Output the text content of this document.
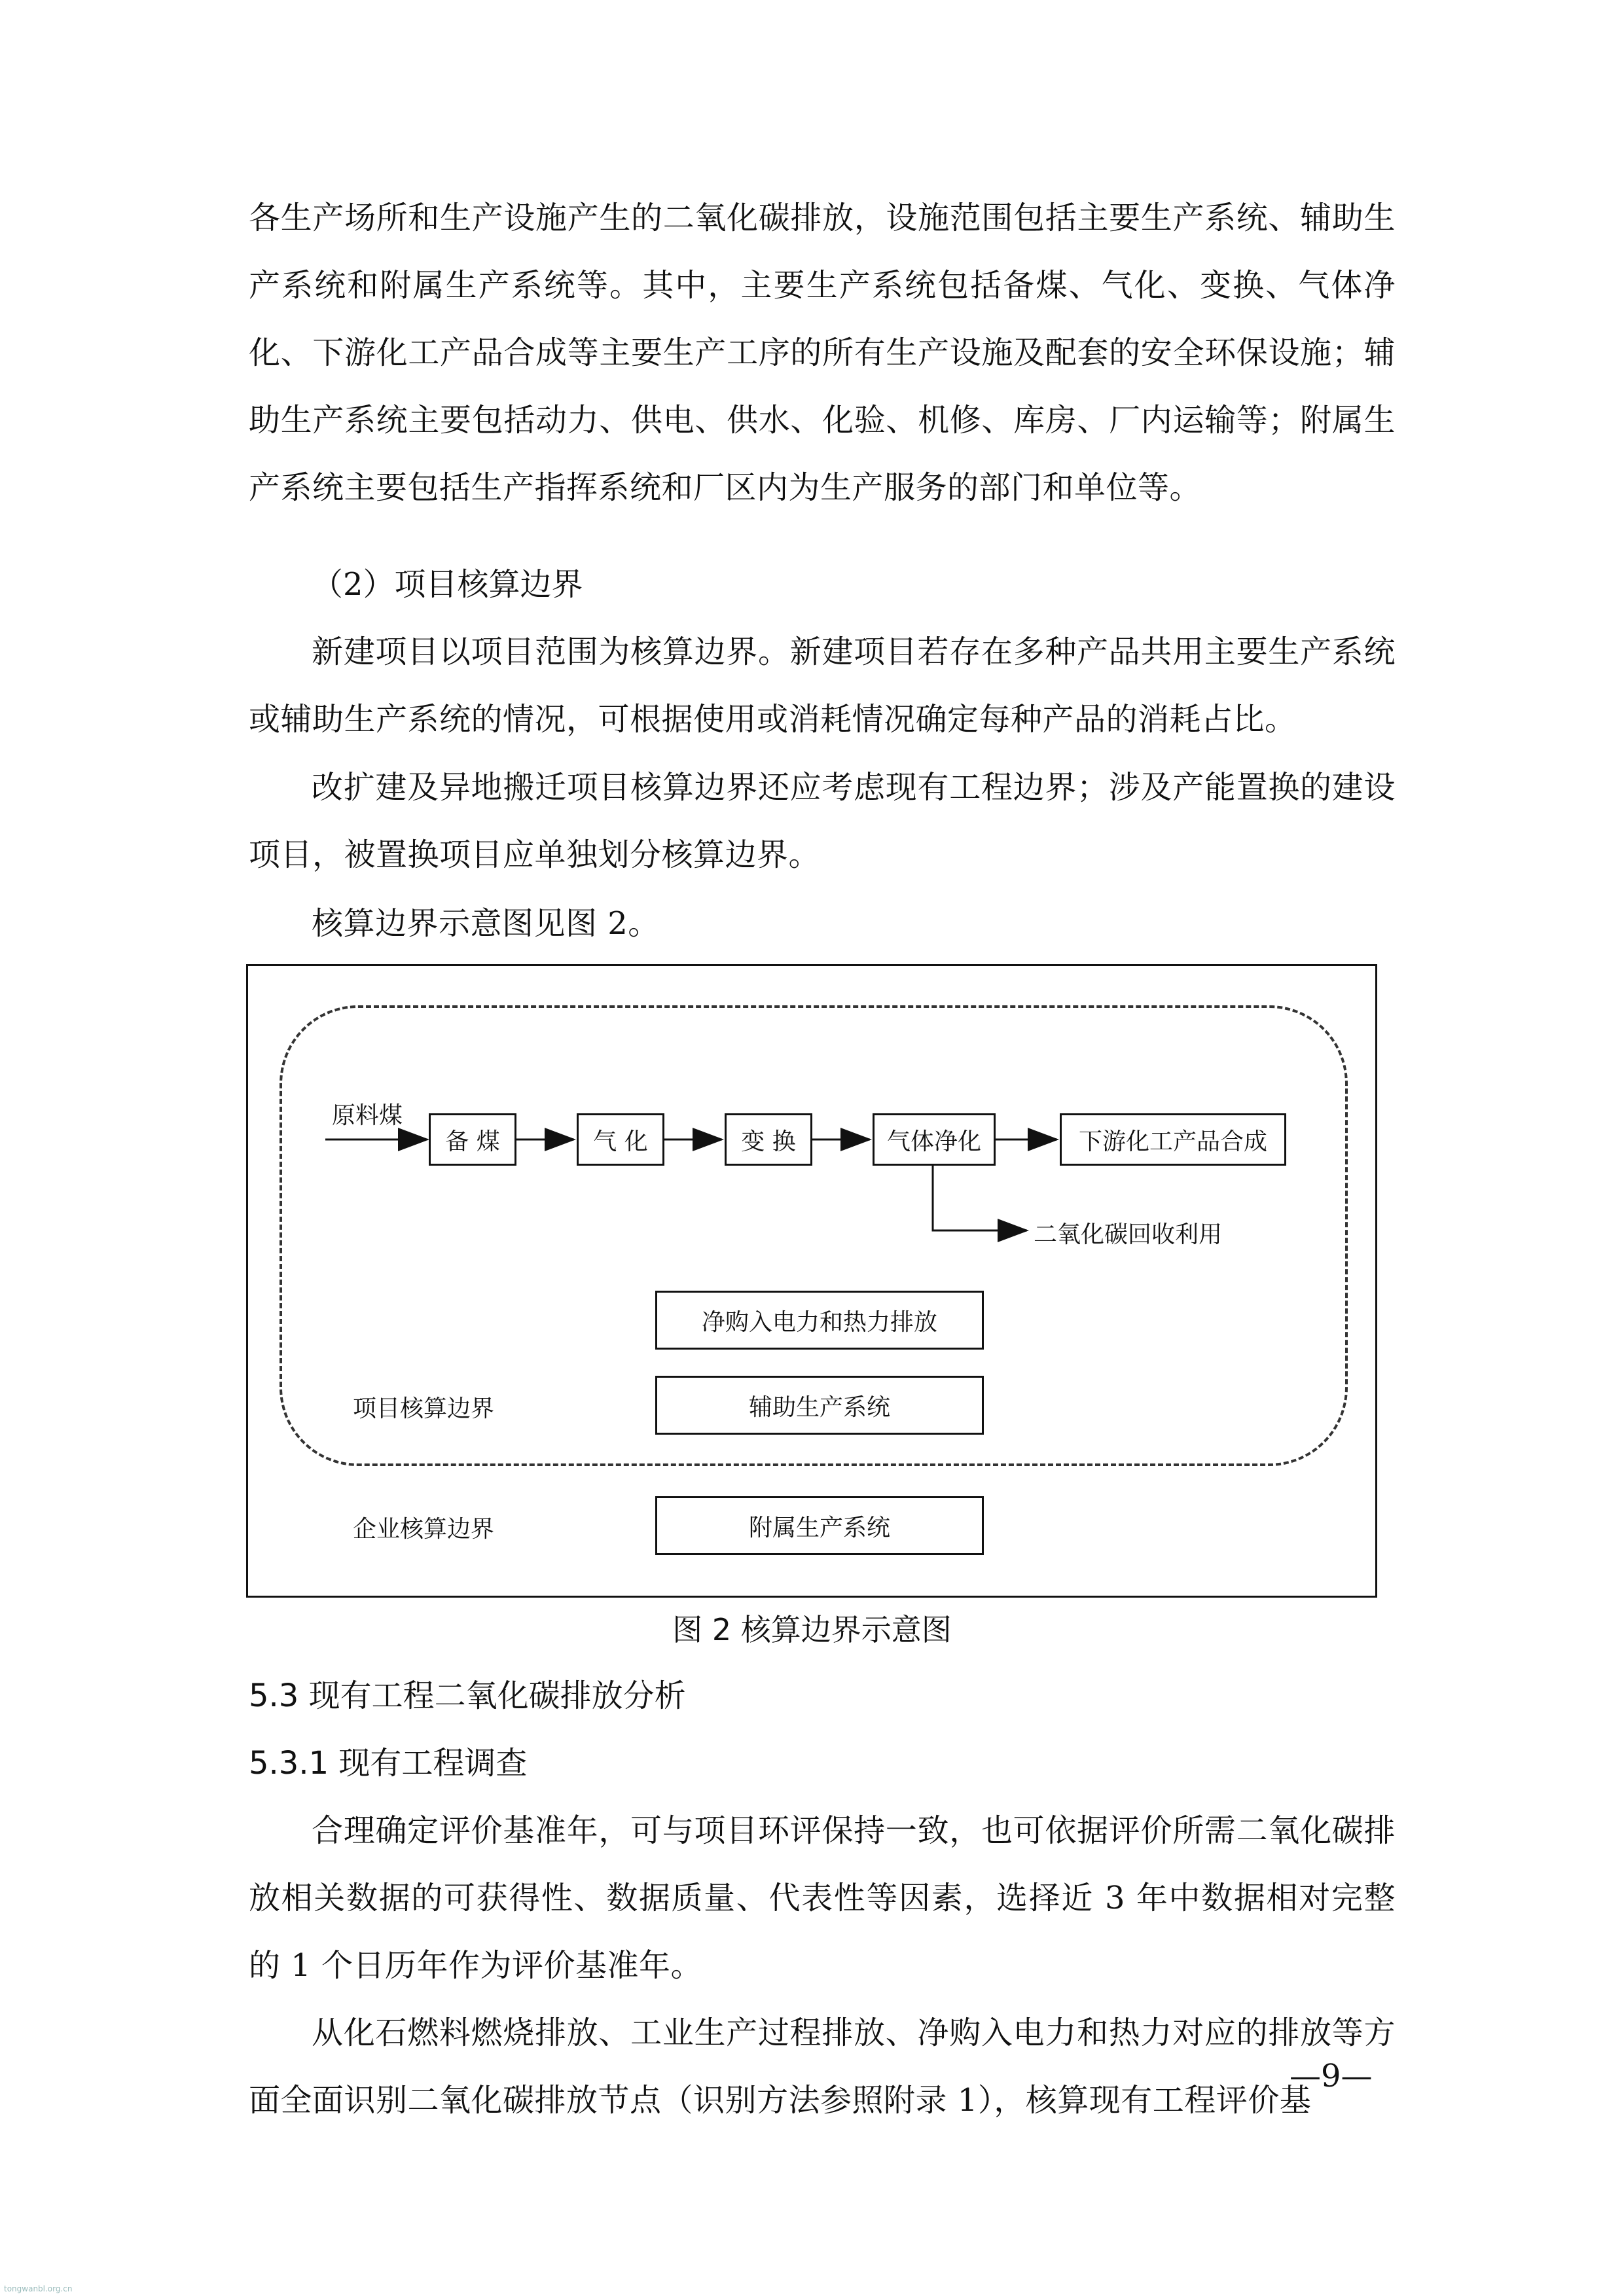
各生产场所和生产设施产生的二氧化碳排放，设施范围包括主要生产系统、辅助生产系统和附属生产系统等。其中，主要生产系统包括备煤、气化、变换、气体净化、下游化工产品合成等主要生产工序的所有生产设施及配套的安全环保设施；辅助生产系统主要包括动力、供电、供水、化验、机修、库房、厂内运输等；附属生产系统主要包括生产指挥系统和厂区内为生产服务的部门和单位等。

（2）项目核算边界

新建项目以项目范围为核算边界。新建项目若存在多种产品共用主要生产系统或辅助生产系统的情况，可根据使用或消耗情况确定每种产品的消耗占比。

改扩建及异地搬迁项目核算边界还应考虑现有工程边界；涉及产能置换的建设项目，被置换项目应单独划分核算边界。

核算边界示意图见图 2。

原料煤
备 煤	气 化	变 换	气体净化	下游化工产品合成
二氧化碳回收利用
净购入电力和热力排放
辅助生产系统
项目核算边界
企业核算边界	附属生产系统
图 2 核算边界示意图

5.3 现有工程二氧化碳排放分析

5.3.1 现有工程调查

合理确定评价基准年，可与项目环评保持一致，也可依据评价所需二氧化碳排放相关数据的可获得性、数据质量、代表性等因素，选择近 3 年中数据相对完整的 1 个日历年作为评价基准年。

从化石燃料燃烧排放、工业生产过程排放、净购入电力和热力对应的排放等方面全面识别二氧化碳排放节点（识别方法参照附录 1），核算现有工程评价基

—9—
tongwanbl.org.cn
